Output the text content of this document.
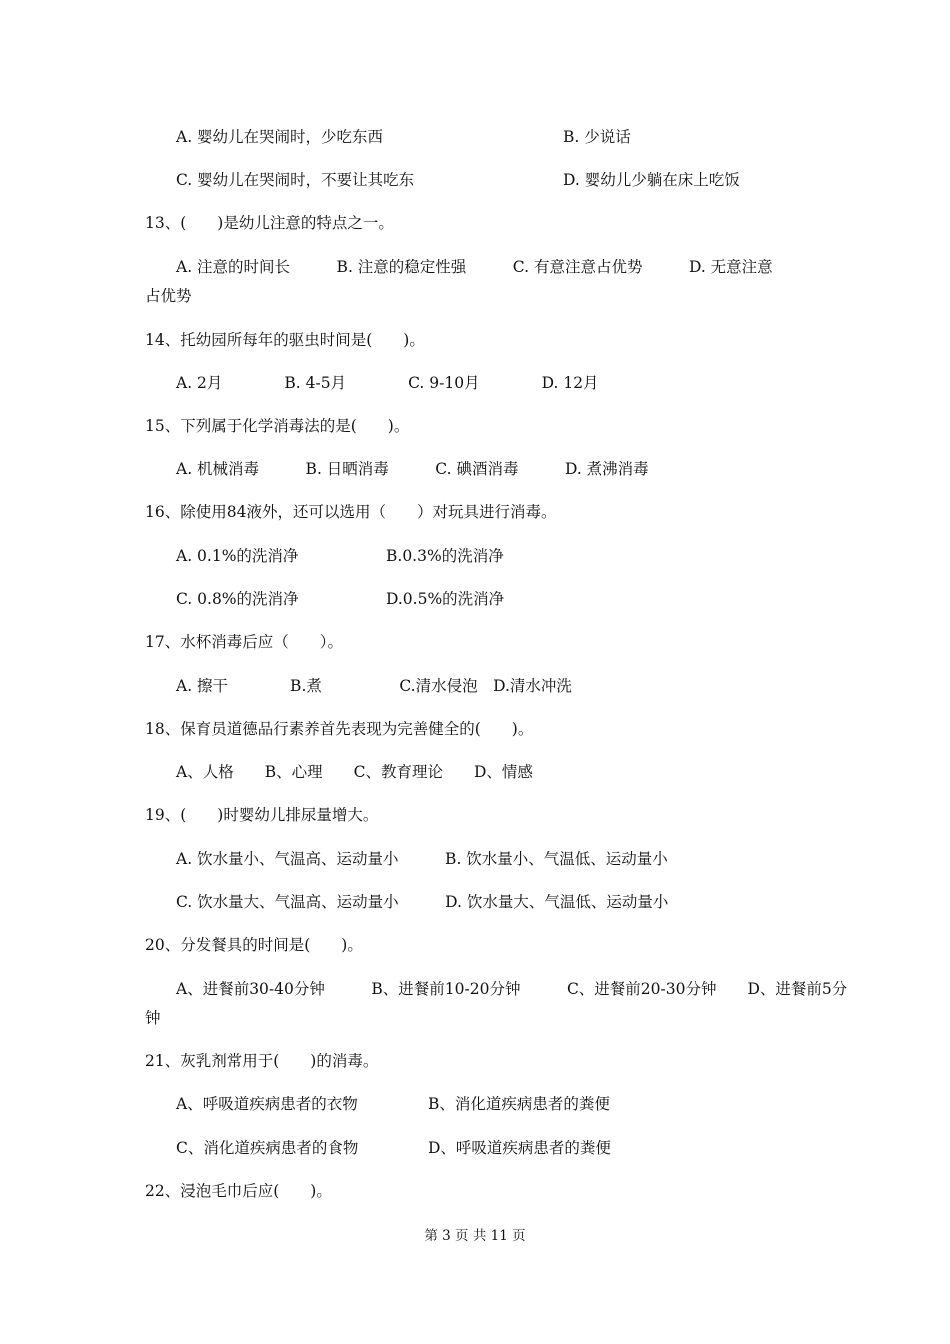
A. 婴幼儿在哭闹时，少吃东西	B. 少说话
C. 婴幼儿在哭闹时，不要让其吃东	D. 婴幼儿少躺在床上吃饭
13、(　　)是幼儿注意的特点之一。
A. 注意的时间长　　　B. 注意的稳定性强　　　C. 有意注意占优势　　　D. 无意注意
占优势
14、托幼园所每年的驱虫时间是(　　)。
A. 2月　　　　B. 4-5月　　　　C. 9-10月　　　　D. 12月
15、下列属于化学消毒法的是(　　)。
A. 机械消毒　　　B. 日晒消毒　　　C. 碘酒消毒　　　D. 煮沸消毒
16、除使用84液外，还可以选用（　　）对玩具进行消毒。
A. 0.1%的洗消净	B.0.3%的洗消净
C. 0.8%的洗消净	D.0.5%的洗消净
17、水杯消毒后应（　　）。
A. 擦干　　　　B.煮　　　　　C.清水侵泡　D.清水冲洗
18、保育员道德品行素养首先表现为完善健全的(　　)。
A、人格　　B、心理　　C、教育理论　　D、情感
19、(　　)时婴幼儿排尿量增大。
A. 饮水量小、气温高、运动量小　　　B. 饮水量小、气温低、运动量小
C. 饮水量大、气温高、运动量小　　　D. 饮水量大、气温低、运动量小
20、分发餐具的时间是(　　)。
A、进餐前30-40分钟　　　B、进餐前10-20分钟　　　C、进餐前20-30分钟　　D、进餐前5分
钟
21、灰乳剂常用于(　　)的消毒。
A、呼吸道疾病患者的衣物	B、消化道疾病患者的粪便
C、消化道疾病患者的食物	D、呼吸道疾病患者的粪便
22、浸泡毛巾后应(　　)。
第 3 页 共 11 页
